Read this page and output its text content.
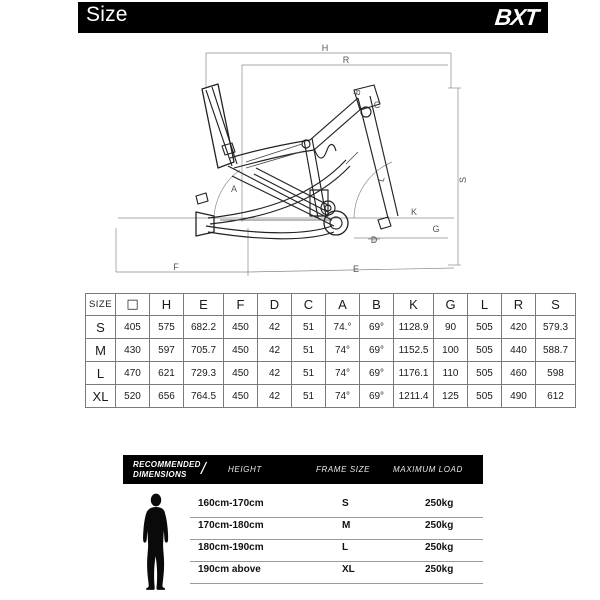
Size	BXT
H
R
B
C
S
G
L
K
D
A
F	E
SIZE	□	H	E	F	D	C	A	B	K	G	L	R	S
S	405	575	682.2	450	42	51	74.°	69°	1128.9	90	505	420	579.3
M	430	597	705.7	450	42	51	74°	69°	1152.5	100	505	440	588.7
L	470	621	729.3	450	42	51	74°	69°	1176.1	110	505	460	598
XL	520	656	764.5	450	42	51	74°	69°	1211.4	125	505	490	612
RECOMMENDED
DIMENSIONS /	HEIGHT	FRAME SIZE	MAXIMUM LOAD
160cm-170cm	S	250kg
170cm-180cm	M	250kg
180cm-190cm	L	250kg
190cm above	XL	250kg
